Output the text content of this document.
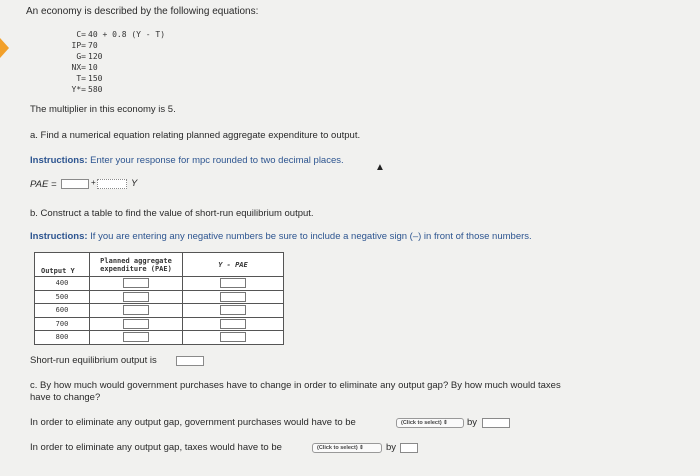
An economy is described by the following equations:
C= 40 + 0.8 (Y - T)
IP= 70
G= 120
NX= 10
T= 150
Y*= 580
The multiplier in this economy is 5.
a. Find a numerical equation relating planned aggregate expenditure to output.
Instructions: Enter your response for mpc rounded to two decimal places.
▲
PAE =	+	Y
b. Construct a table to find the value of short-run equilibrium output.
Instructions: If you are entering any negative numbers be sure to include a negative sign (–) in front of those numbers.
Output Y	Planned aggregate expenditure (PAE)	Y - PAE
400	

500	

600	

700	

800	

Short-run equilibrium output is
c. By how much would government purchases have to change in order to eliminate any output gap? By how much would taxes
have to change?
In order to eliminate any output gap, government purchases would have to be	(Click to select) ⇕	by
In order to eliminate any output gap, taxes would have to be	(Click to select) ⇕	by
